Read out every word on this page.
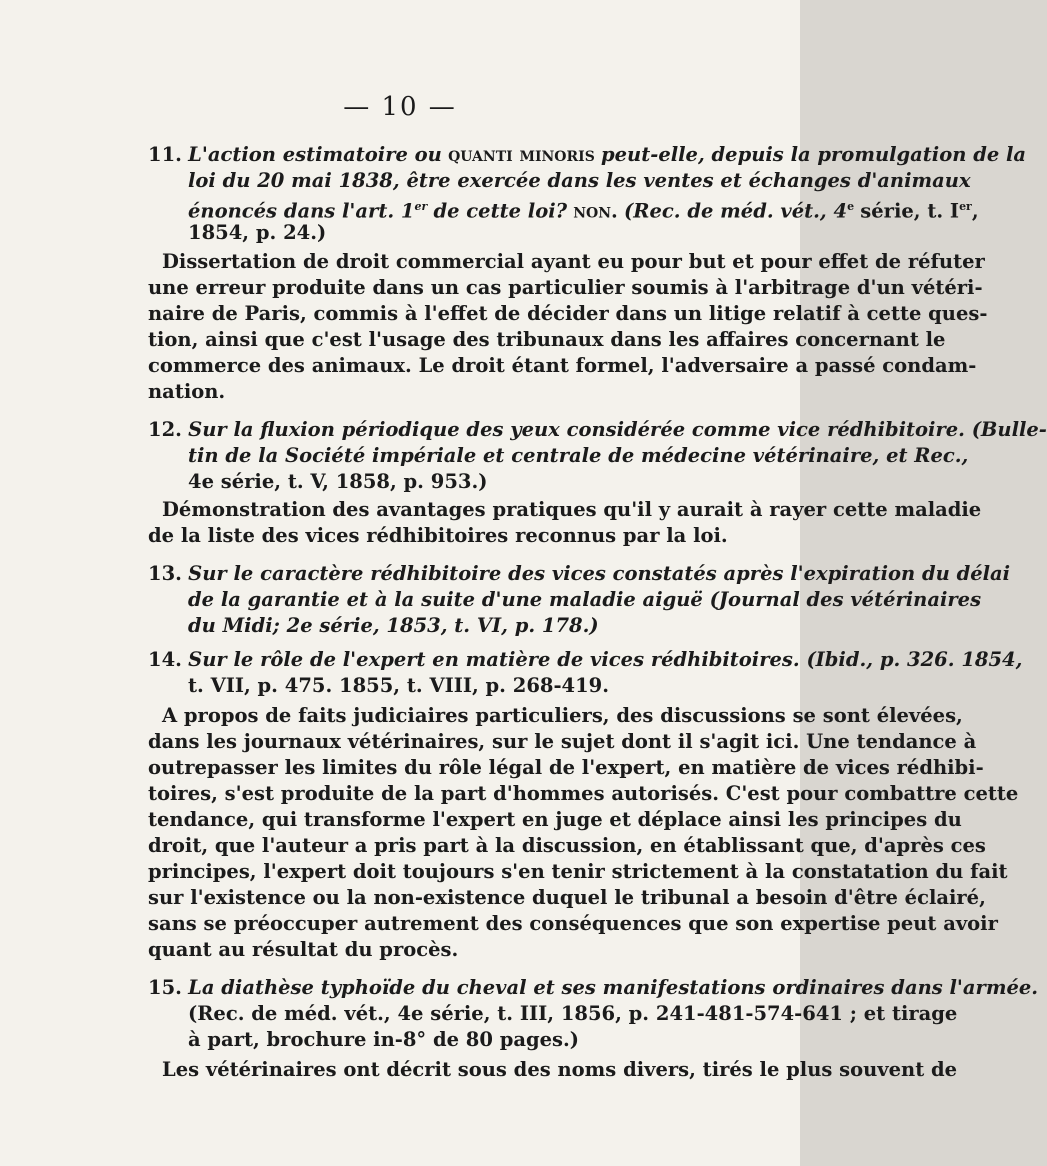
— 10 —
11. L'action estimatoire ou quanti minoris peut-elle, depuis la promulgation de la
loi du 20 mai 1838, être exercée dans les ventes et échanges d'animaux
énoncés dans l'art. 1er de cette loi? non. (Rec. de méd. vét., 4e série, t. Ier,
1854, p. 24.)
Dissertation de droit commercial ayant eu pour but et pour effet de réfuter
une erreur produite dans un cas particulier soumis à l'arbitrage d'un vétéri-
naire de Paris, commis à l'effet de décider dans un litige relatif à cette ques-
tion, ainsi que c'est l'usage des tribunaux dans les affaires concernant le
commerce des animaux. Le droit étant formel, l'adversaire a passé condam-
nation.
12. Sur la fluxion périodique des yeux considérée comme vice rédhibitoire. (Bulle-
tin de la Société impériale et centrale de médecine vétérinaire, et Rec.,
4e série, t. V, 1858, p. 953.)
Démonstration des avantages pratiques qu'il y aurait à rayer cette maladie
de la liste des vices rédhibitoires reconnus par la loi.
13. Sur le caractère rédhibitoire des vices constatés après l'expiration du délai
de la garantie et à la suite d'une maladie aiguë (Journal des vétérinaires
du Midi; 2e série, 1853, t. VI, p. 178.)
14. Sur le rôle de l'expert en matière de vices rédhibitoires. (Ibid., p. 326. 1854,
t. VII, p. 475. 1855, t. VIII, p. 268-419.
A propos de faits judiciaires particuliers, des discussions se sont élevées,
dans les journaux vétérinaires, sur le sujet dont il s'agit ici. Une tendance à
outrepasser les limites du rôle légal de l'expert, en matière de vices rédhibi-
toires, s'est produite de la part d'hommes autorisés. C'est pour combattre cette
tendance, qui transforme l'expert en juge et déplace ainsi les principes du
droit, que l'auteur a pris part à la discussion, en établissant que, d'après ces
principes, l'expert doit toujours s'en tenir strictement à la constatation du fait
sur l'existence ou la non-existence duquel le tribunal a besoin d'être éclairé,
sans se préoccuper autrement des conséquences que son expertise peut avoir
quant au résultat du procès.
15. La diathèse typhoïde du cheval et ses manifestations ordinaires dans l'armée.
(Rec. de méd. vét., 4e série, t. III, 1856, p. 241-481-574-641 ; et tirage
à part, brochure in-8° de 80 pages.)
Les vétérinaires ont décrit sous des noms divers, tirés le plus souvent de
